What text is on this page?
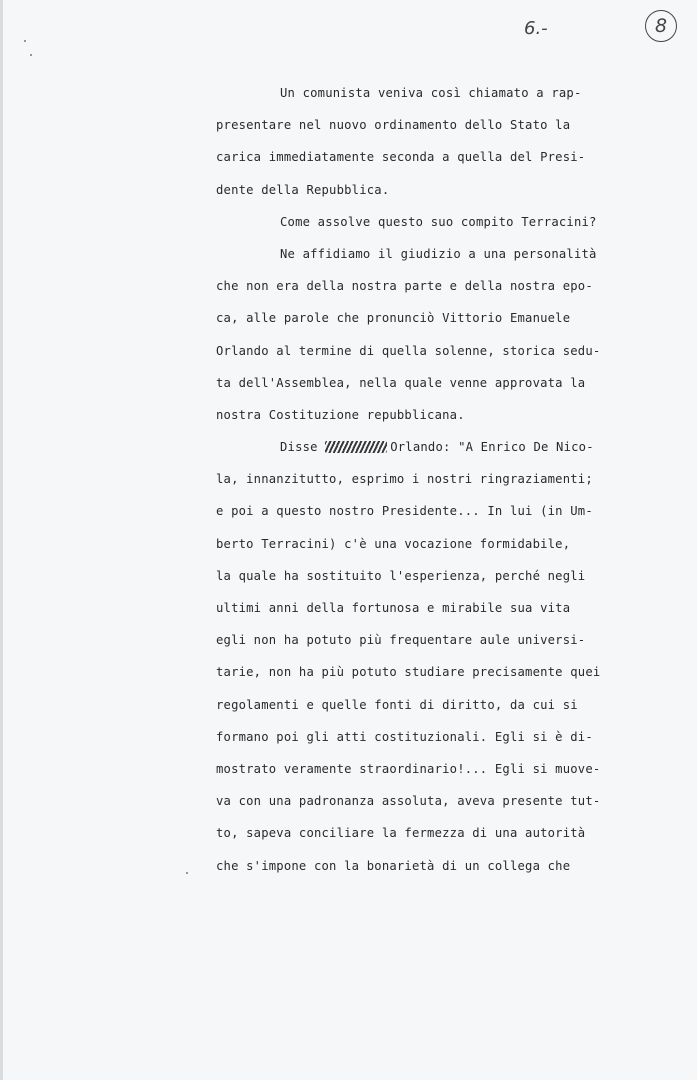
6.-	8
Un comunista veniva così chiamato a rap-
presentare nel nuovo ordinamento dello Stato la
carica immediatamente seconda a quella del Presi-
dente della Repubblica.
Come assolve questo suo compito Terracini?
Ne affidiamo il giudizio a una personalità
che non era della nostra parte e della nostra epo-
ca, alle parole che pronunciò Vittorio Emanuele
Orlando al termine di quella solenne, storica sedu-
ta dell'Assemblea, nella quale venne approvata la
nostra Costituzione repubblicana.
Disse	Orlando: "A Enrico De Nico-
la, innanzitutto, esprimo i nostri ringraziamenti;
e poi a questo nostro Presidente... In lui (in Um-
berto Terracini) c'è una vocazione formidabile,
la quale ha sostituito l'esperienza, perché negli
ultimi anni della fortunosa e mirabile sua vita
egli non ha potuto più frequentare aule universi-
tarie, non ha più potuto studiare precisamente quei
regolamenti e quelle fonti di diritto, da cui si
formano poi gli atti costituzionali. Egli si è di-
mostrato veramente straordinario!... Egli si muove-
va con una padronanza assoluta, aveva presente tut-
to, sapeva conciliare la fermezza di una autorità
che s'impone con la bonarietà di un collega che
